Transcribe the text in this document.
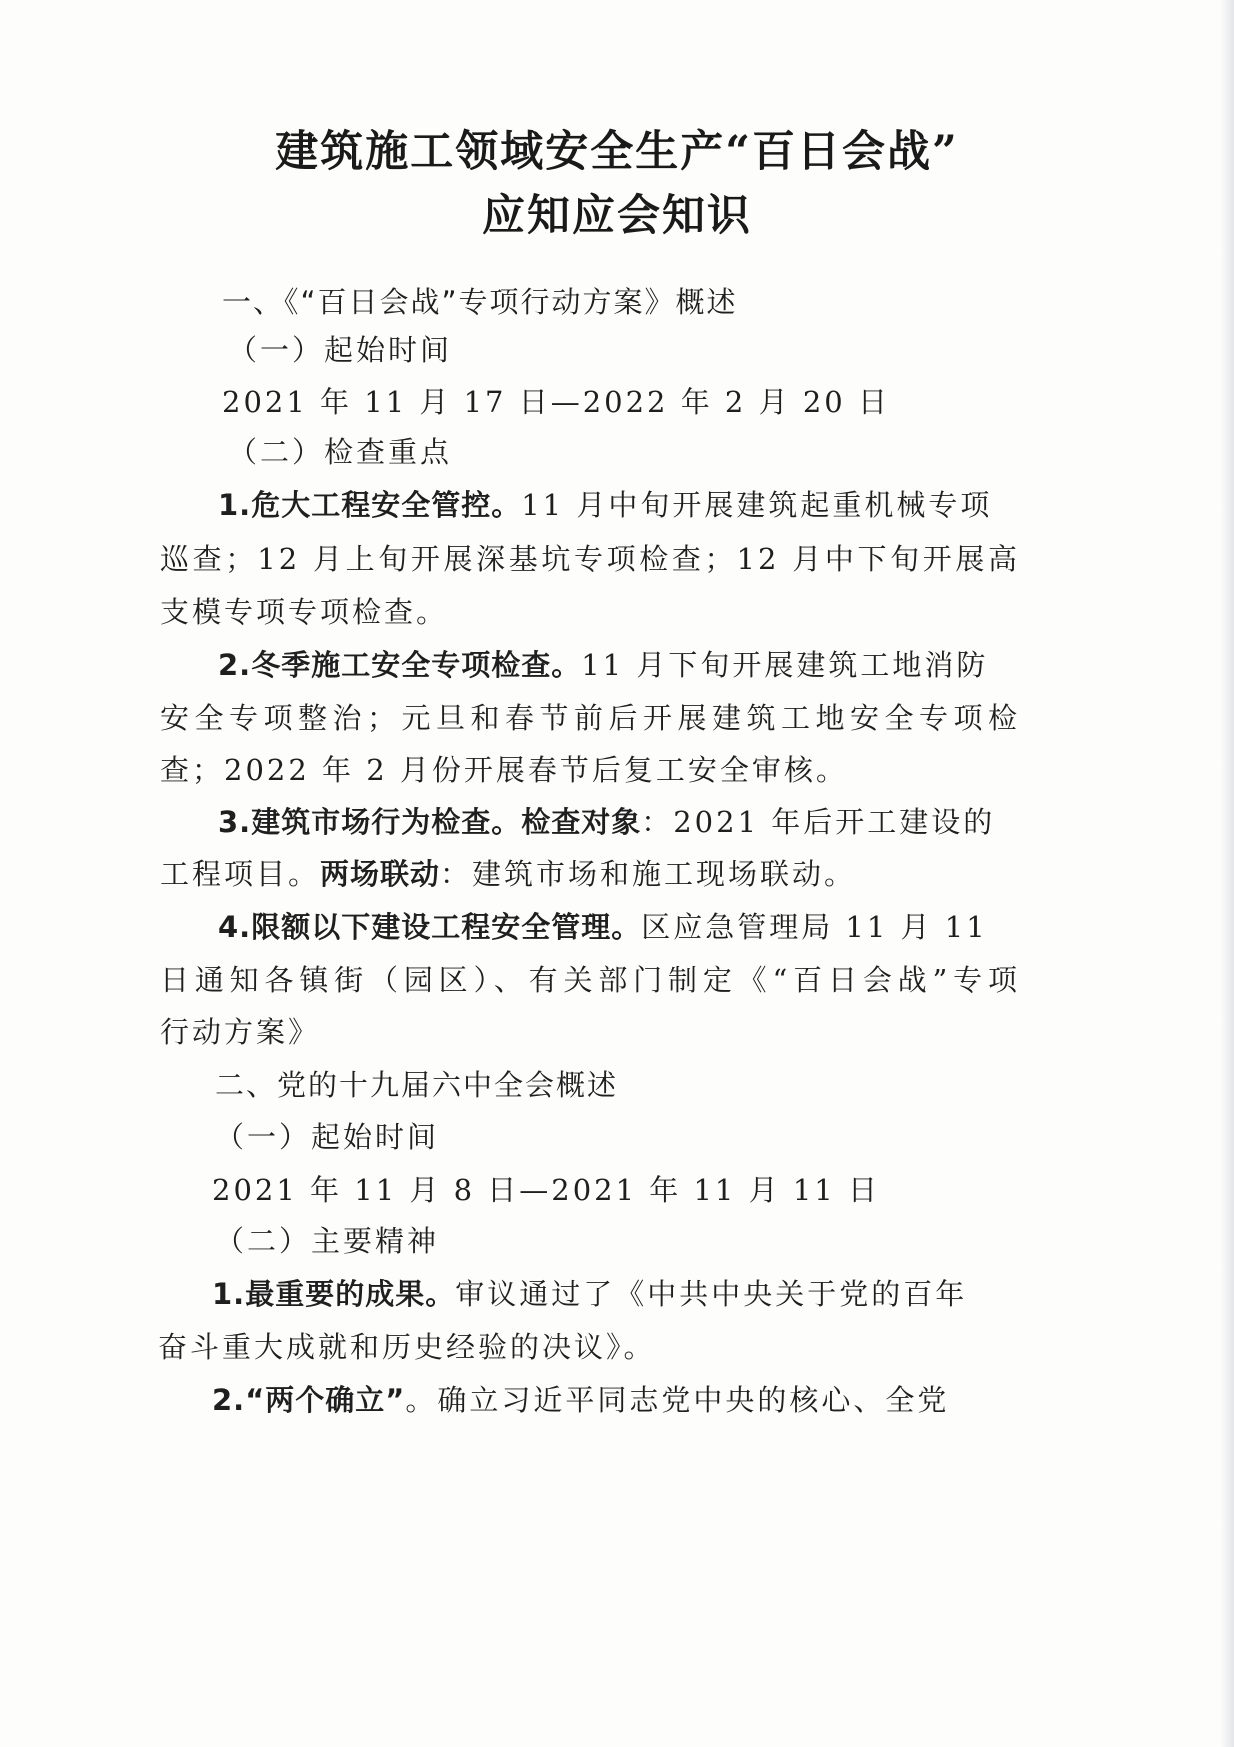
建筑施工领域安全生产“百日会战”
应知应会知识

一、《“百日会战”专项行动方案》概述

（一）起始时间

2021 年 11 月 17 日—2022 年 2 月 20 日

（二）检查重点

1.危大工程安全管控。11 月中旬开展建筑起重机械专项

巡查；12 月上旬开展深基坑专项检查；12 月中下旬开展高

支模专项专项检查。

2.冬季施工安全专项检查。11 月下旬开展建筑工地消防

安全专项整治；元旦和春节前后开展建筑工地安全专项检

查；2022 年 2 月份开展春节后复工安全审核。

3.建筑市场行为检查。检查对象：2021 年后开工建设的

工程项目。两场联动：建筑市场和施工现场联动。

4.限额以下建设工程安全管理。区应急管理局 11 月 11

日通知各镇街（园区）、有关部门制定《“百日会战”专项

行动方案》

二、党的十九届六中全会概述

（一）起始时间

2021 年 11 月 8 日—2021 年 11 月 11 日

（二）主要精神

1.最重要的成果。审议通过了《中共中央关于党的百年

奋斗重大成就和历史经验的决议》。

2.“两个确立”。确立习近平同志党中央的核心、全党
